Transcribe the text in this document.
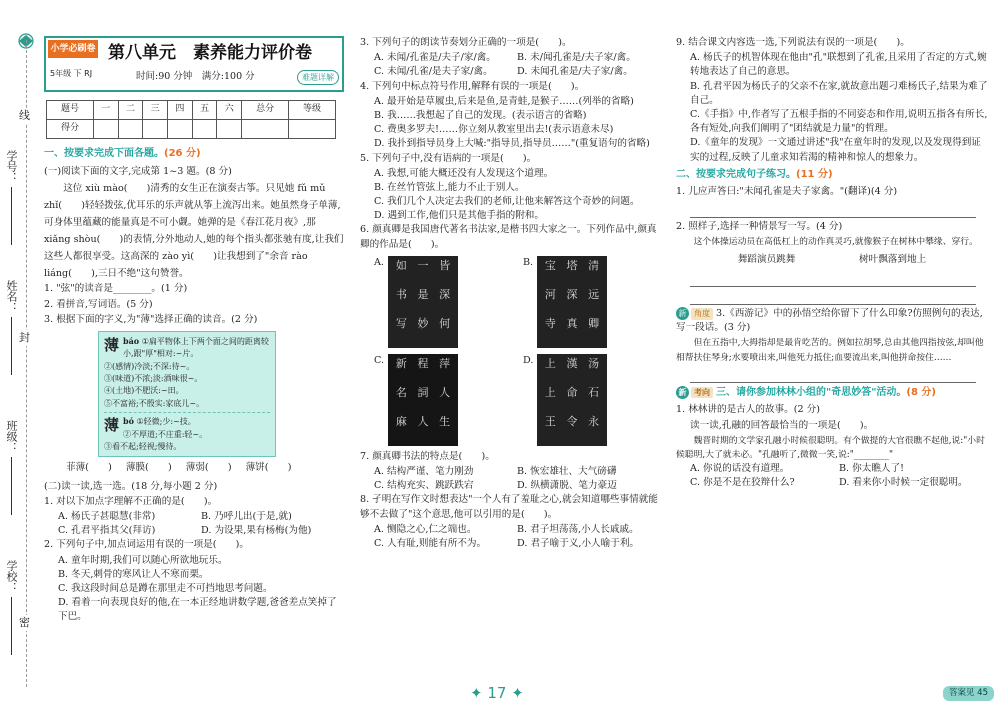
线
封
密
学号：
姓名：
班级：
学校：
小学必刷卷
5年级 下 RJ
第八单元　素养能力评价卷
时间:90 分钟　满分:100 分	难题详解
题号	一	二	三	四	五	六	总分	等级
得分								
一、按要求完成下面各题。(26 分)
(一)阅读下面的文字,完成第 1~3 题。(8 分)
这位 xiù mào(　　)清秀的女生正在演奏古筝。只见她 fǔ mǔ zhǐ(　　)轻轻拨弦,优耳乐的乐声就从筝上流泻出来。她虽然身子单薄,可身体里蕴藏的能量真是不可小觑。她弹的是《春江花月夜》,那 xiǎng shòu(　　)的表情,分外地动人,她的每个指头都张驰有度,让我们这些人都很享受。这高深的 zào yì(　　)让我想到了"余音 rào liáng(　　),三日不绝"这句赞誉。
1. "弦"的读音是________。(1 分)
2. 看拼音,写词语。(5 分)
3. 根据下面的字义,为"薄"选择正确的读音。(2 分)
薄 báo ①扁平物体上下两个面之间的距离较小,跟"厚"相对:~片。
②(感情)冷淡;不深:待~。
③(味道)不浓;淡:酒味很~。
④(土地)不肥沃:~田。
⑤不富裕;不殷实:家底儿~。
薄 bó ①轻微;少:~技。
②不厚道;不庄重:轻~。
③看不起;轻视;慢待。
菲薄(　　) 薄膜(　　) 薄弱(　　) 薄饼(　　)
(二)读一读,选一选。(18 分,每小题 2 分)
1. 对以下加点字理解不正确的是(　　)。
A. 杨氏子甚聪慧(非常)	B. 乃呼儿出(于是,就)
C. 孔君平指其父(拜访)	D. 为设果,果有杨梅(为他)
2. 下列句子中,加点词运用有误的一项是(　　)。
A. 童年时期,我们可以随心所欲地玩乐。
B. 冬天,刺骨的寒风让人不寒而栗。
C. 我这段时间总是蹲在那里走不可挡地思考问题。
D. 看着一向表现良好的他,在一本正经地讲数学题,爸爸差点笑掉了下巴。
3. 下列句子的朗读节奏划分正确的一项是(　　)。
A. 未闻/孔雀是/夫子/家/禽。	B. 未/闻孔雀是/夫子家/禽。
C. 未闻/孔雀/是夫子家/禽。	D. 未闻孔雀是/夫子家/禽。
4. 下列句中标点符号作用,解释有误的一项是(　　)。
A. 最开始是草履虫,后来是鱼,是青蛙,是猴子……(列举的省略)
B. 我……我想起了自己的发现。(表示语言的省略)
C. 费奥多罗夫!……你立刻从教室里出去!(表示语意未尽)
D. 我扑到指导员身上大喊:"指导员,指导员……"(重复语句的省略)
5. 下列句子中,没有语病的一项是(　　)。
A. 我想,可能大概还没有人发现这个道理。
B. 在丝竹管弦上,能力不止于别人。
C. 我们几个人决定去我们的老师,让他来解答这个奇妙的问题。
D. 遇到工作,他们只是其他手指的附和。
6. 颜真卿是我国唐代著名书法家,是楷书四大家之一。下列作品中,颜真卿的作品是(　　)。
A.	如 一 皆
书 是 深
写 妙 何
B.	宝 塔 清
河 深 远
寺 真 卿
C.	新 程 萍
名 詞 人
麻 人 生
D.	上 漢 汤
上 命 石
王 令 永
7. 颜真卿书法的特点是(　　)。
A. 结构严谨、笔力刚劲	B. 恢宏雄壮、大气磅礴
C. 结构充实、跳跃跌宕	D. 纵横潇脱、笔力豪迈
8. 孑明在写作文时想表达"一个人有了羞耻之心,就会知道哪些事情就能够不去做了"这个意思,他可以引用的是(　　)。
A. 恻隐之心,仁之端也。	B. 君子坦荡荡,小人长戚戚。
C. 人有耻,则能有所不为。	D. 君子喻于义,小人喻于利。
9. 结合课文内容选一选,下列说法有误的一项是(　　)。
A. 杨氏子的机智体现在他由"孔"联想到了孔雀,且采用了否定的方式,婉转地表达了自己的意思。
B. 孔君平因为杨氏子的父亲不在家,就故意出题刁难杨氏子,结果为难了自己。
C.《手指》中,作者写了五根手指的不同姿态和作用,说明五指各有所长,各有短处,向我们阐明了"团结就是力量"的哲理。
D.《童年的发现》一文通过讲述"我"在童年时的发现,以及发现得到证实的过程,反映了儿童求知若渴的精神和惊人的想象力。
二、按要求完成句子练习。(11 分)
1. 儿应声答曰:"未闻孔雀是夫子家禽。"(翻译)(4 分)
2. 照样子,选择一种情景写一写。(4 分)
这个体操运动员在高低杠上的动作真灵巧,就像猴子在树林中攀缘、穿行。
舞蹈演员跳舞	树叶飘落到地上
新 角度 3.《西游记》中的孙悟空给你留下了什么印象?仿照例句的表达,写一段话。(3 分)
但在五指中,大拇指却是最肯吃苦的。例如拉胡琴,总由其他四指按弦,却叫他相帮扶住琴身;水要喷出来,叫他死力抵住;血要流出来,叫他拼命按住……
新 考向 三、请你参加林林小组的"奇思妙答"活动。(8 分)
1. 林林讲的是古人的故事。(2 分)
读一读,孔融的回答最恰当的一项是(　　)。
魏晋时期的文学家孔融小时候很聪明。有个做提的大官很瞧不起他,说:"小时候聪明,大了就未必。"孔融听了,微微一笑,说:"________"
A. 你说的话没有道理。	B. 你太瞧人了!
C. 你是不是在狡辩什么?	D. 看来你小时候一定很聪明。
✦ 17 ✦	答案见 45
